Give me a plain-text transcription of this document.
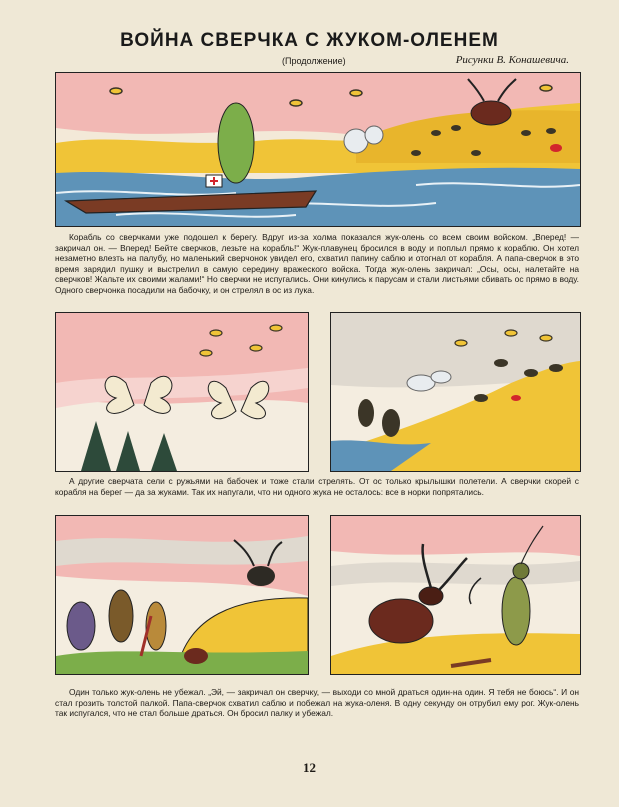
ВОЙНА СВЕРЧКА С ЖУКОМ-ОЛЕНЕМ
(Продолжение)	Рисунки В. Конашевича.

Корабль со сверчками уже подошел к берегу. Вдруг из-за холма показался жук-олень со всем своим войском. „Вперед! — закричал он. — Вперед! Бейте сверчков, лезьте на корабль!“ Жук-плавунец бросился в воду и поплыл прямо к кораблю. Он хотел незаметно влезть на палубу, но маленький сверчонок увидел его, схватил папину саблю и отогнал от корабля. А папа-сверчок в это время зарядил пушку и выстрелил в самую середину вражеского войска. Тогда жук-олень закричал: „Осы, осы, налетайте на сверчков! Жальте их своими жалами!“ Но сверчки не испугались. Они кинулись к парусам и стали листьями сбивать ос прямо в воду. Одного сверчонка посадили на бабочку, и он стрелял в ос из лука.

А другие сверчата сели с ружьями на бабочек и тоже стали стрелять. От ос только крылышки полетели. А сверчки скорей с корабля на берег — да за жуками. Так их напугали, что ни одного жука не осталось: все в норки попрятались.

Один только жук-олень не убежал. „Эй, — закричал он сверчку, — выходи со мной драться один-на один. Я тебя не боюсь“. И он стал грозить толстой палкой. Папа-сверчок схватил саблю и побежал на жука-оленя. В одну секунду он отрубил ему рог. Жук-олень так испугался, что не стал больше драться. Он бросил палку и убежал.

12
